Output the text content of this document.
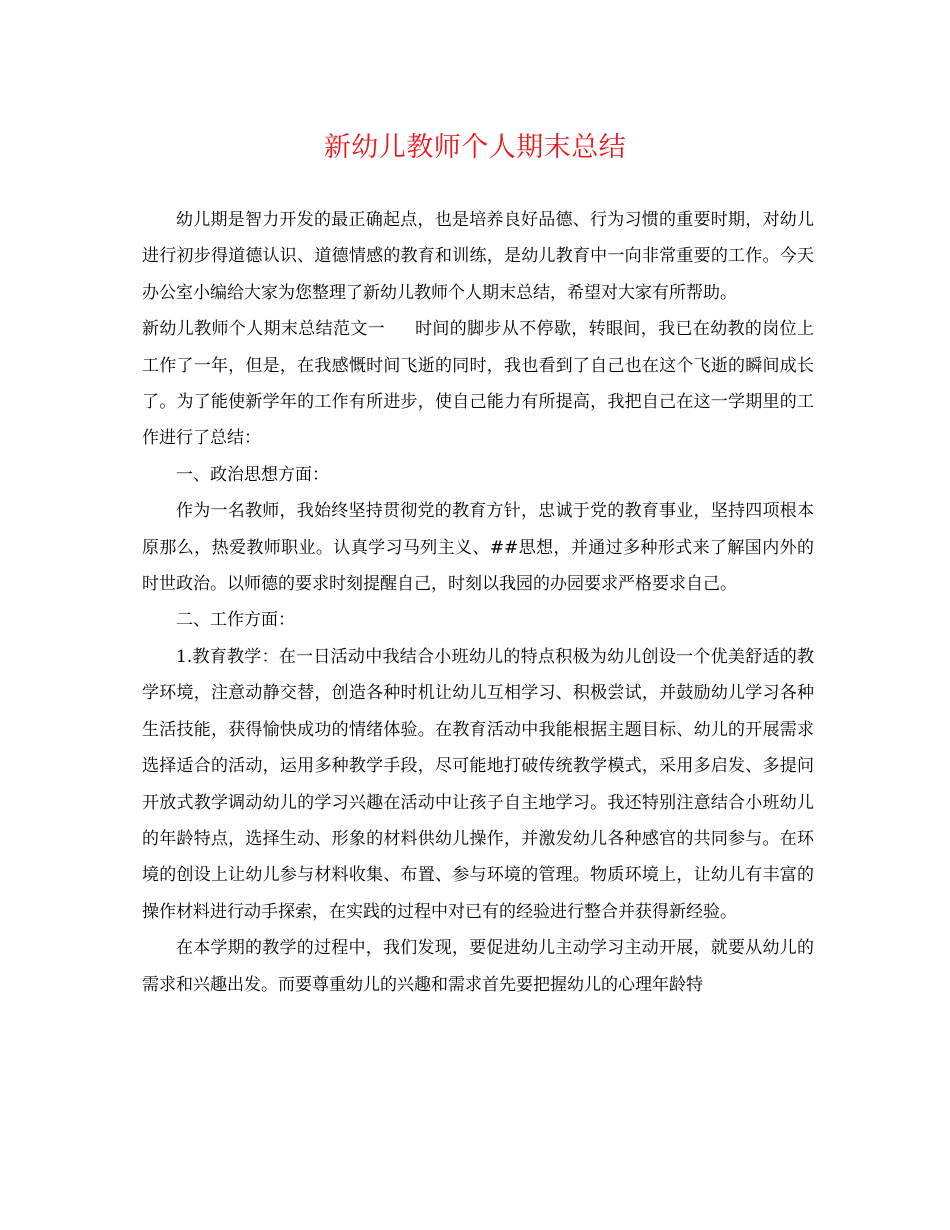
新幼儿教师个人期末总结

幼儿期是智力开发的最正确起点，也是培养良好品德、行为习惯的重要时期，对幼儿进行初步得道德认识、道德情感的教育和训练，是幼儿教育中一向非常重要的工作。今天办公室小编给大家为您整理了新幼儿教师个人期末总结，希望对大家有所帮助。

新幼儿教师个人期末总结范文一 时间的脚步从不停歇，转眼间，我已在幼教的岗位上工作了一年，但是，在我感慨时间飞逝的同时，我也看到了自己也在这个飞逝的瞬间成长了。为了能使新学年的工作有所进步，使自己能力有所提高，我把自己在这一学期里的工作进行了总结：

一、政治思想方面：

作为一名教师，我始终坚持贯彻党的教育方针，忠诚于党的教育事业，坚持四项根本原那么，热爱教师职业。认真学习马列主义、##思想，并通过多种形式来了解国内外的时世政治。以师德的要求时刻提醒自己，时刻以我园的办园要求严格要求自己。

二、工作方面：

1.教育教学：在一日活动中我结合小班幼儿的特点积极为幼儿创设一个优美舒适的教学环境，注意动静交替，创造各种时机让幼儿互相学习、积极尝试，并鼓励幼儿学习各种生活技能，获得愉快成功的情绪体验。在教育活动中我能根据主题目标、幼儿的开展需求选择适合的活动，运用多种教学手段，尽可能地打破传统教学模式，采用多启发、多提问开放式教学调动幼儿的学习兴趣在活动中让孩子自主地学习。我还特别注意结合小班幼儿的年龄特点，选择生动、形象的材料供幼儿操作，并激发幼儿各种感官的共同参与。在环境的创设上让幼儿参与材料收集、布置、参与环境的管理。物质环境上，让幼儿有丰富的操作材料进行动手探索，在实践的过程中对已有的经验进行整合并获得新经验。

在本学期的教学的过程中，我们发现，要促进幼儿主动学习主动开展，就要从幼儿的需求和兴趣出发。而要尊重幼儿的兴趣和需求首先要把握幼儿的心理年龄特
